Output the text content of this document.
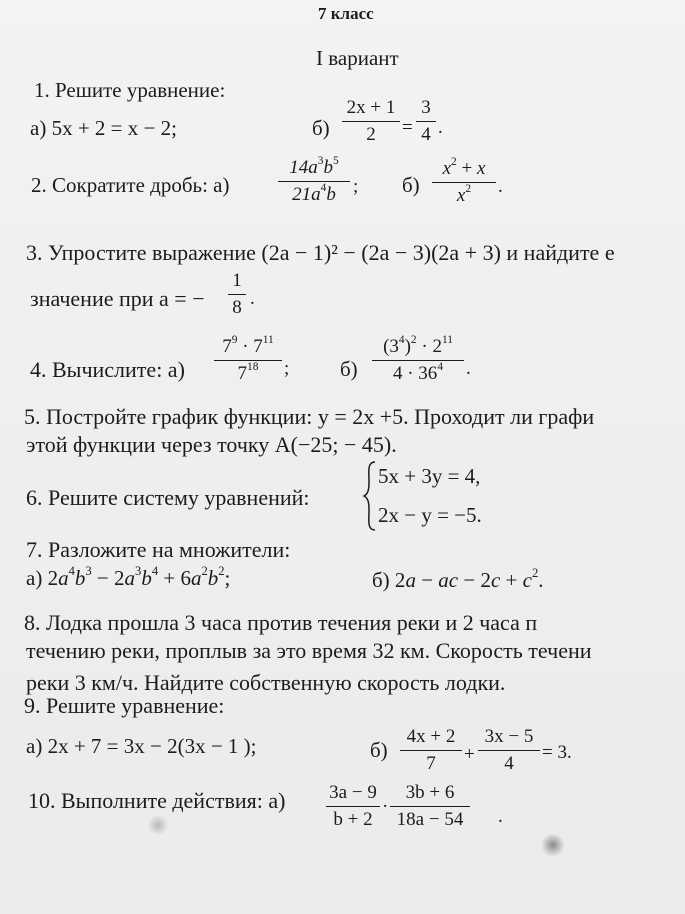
7 класс
I вариант
1. Решите уравнение:
а) 5x + 2 = x − 2;	б)
2x + 1
2	=
3
4 .
2. Сократите дробь: а)
$14a^3b^5$
$21a^4b$ ; б)
$x^2 + x$
$x^2$	.
3. Упростите выражение (2a − 1)² − (2a − 3)(2a + 3) и найдите е
значение при a = −
1
8 .
4. Вычислите: а)
$7^9 \cdot 7^{11}$
$7^{18}$	; б)
$(3^4)^2 \cdot 2^{11}$
$4 \cdot 36^4$	.
5. Постройте график функции: y = 2x +5. Проходит ли графи
этой функции через точку A(−25; − 45).
6. Решите систему уравнений:
5x + 3y = 4,
2x − y = −5.
7. Разложите на множители:
а) $2a^4b^3 - 2a^3b^4 + 6a^2b^2$;	б) 2a − ac − $2c + c^2$.
8. Лодка прошла 3 часа против течения реки и 2 часа п
течению реки, проплыв за это время 32 км. Скорость течени
реки 3 км/ч. Найдите собственную скорость лодки.
9. Решите уравнение:
а) 2x + 7 = 3x − 2(3x − 1 );	б)
4x + 2
7	+
3x − 5
4
= 3.
10. Выполните действия: а) 3a − 9
b + 2
·
3b + 6
18a − 54	.
